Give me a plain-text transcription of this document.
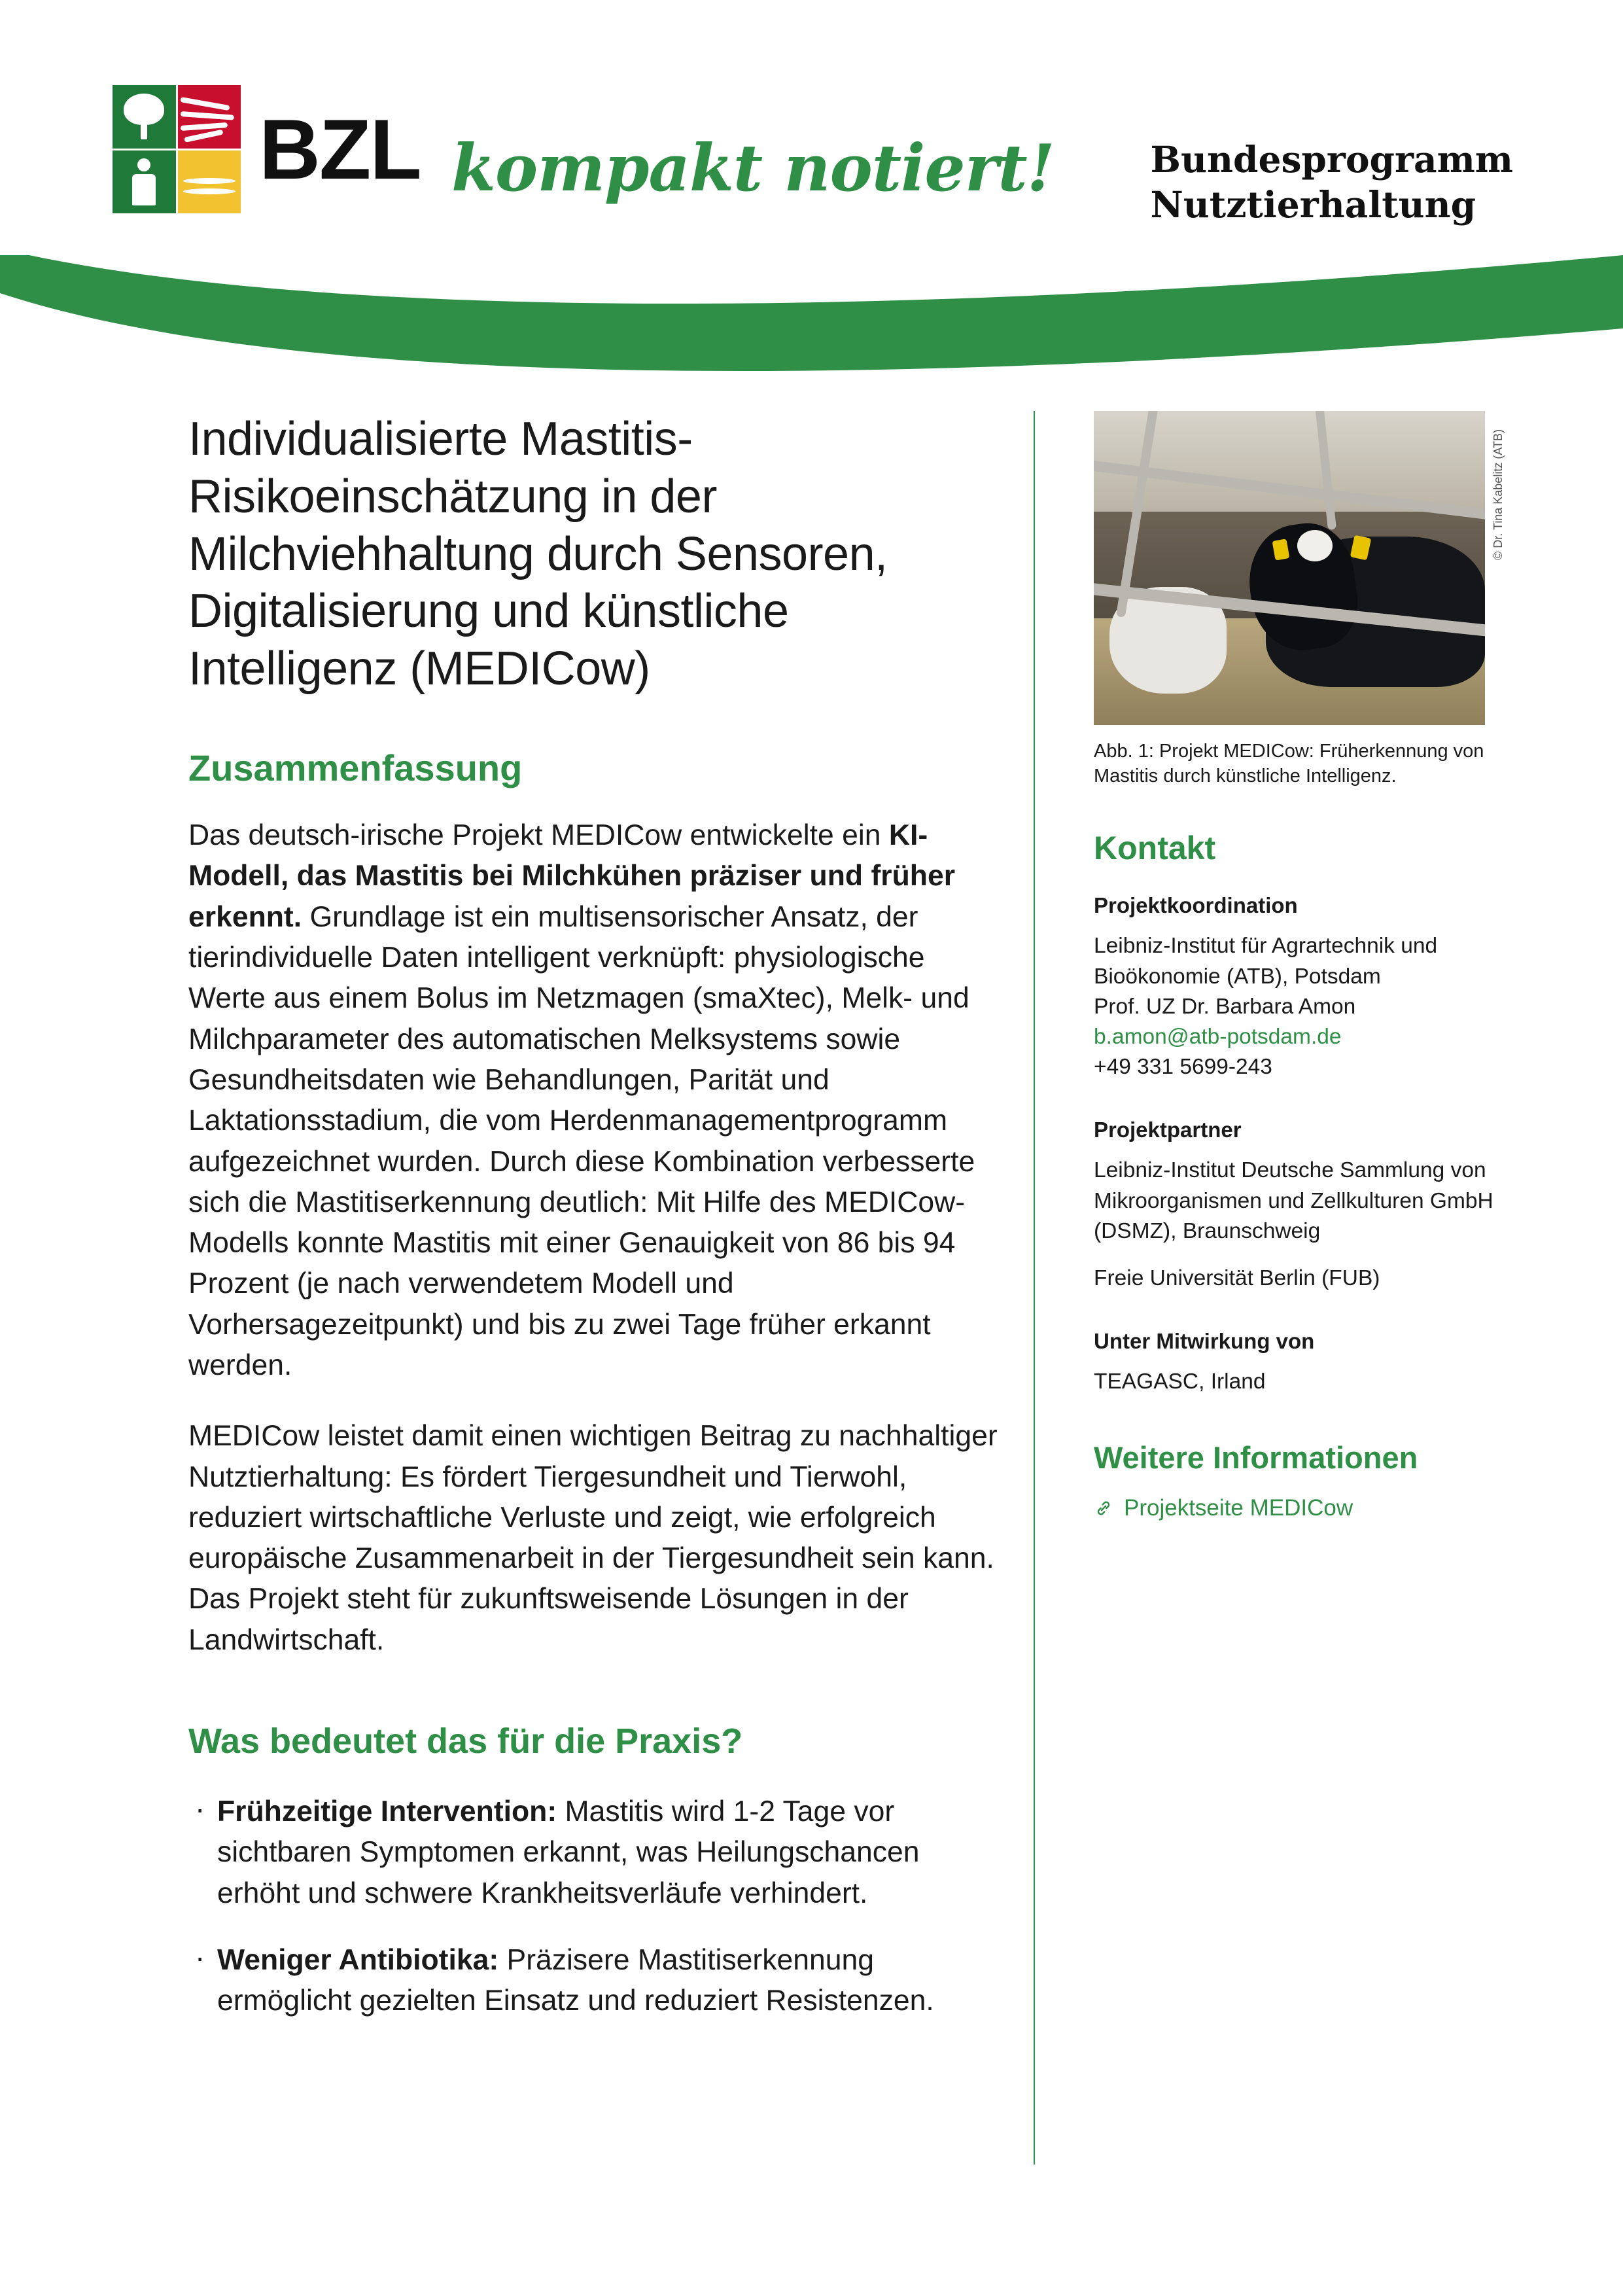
BZL kompakt notiert!	Bundesprogramm
Nutztierhaltung
Individualisierte Mastitis-Risikoeinschätzung in der Milchviehhaltung durch Sensoren, Digitalisierung und künstliche Intelligenz (MEDICow)
Zusammenfassung

Das deutsch-irische Projekt MEDICow entwickelte ein KI-Modell, das Mastitis bei Milchkühen präziser und früher erkennt. Grundlage ist ein multisensorischer Ansatz, der tierindividuelle Daten intelligent verknüpft: physiologische Werte aus einem Bolus im Netzmagen (smaXtec), Melk- und Milchparameter des automatischen Melksystems sowie Gesundheitsdaten wie Behandlungen, Parität und Laktationsstadium, die vom Herdenmanagementprogramm aufgezeichnet wurden. Durch diese Kombination verbesserte sich die Mastitiserkennung deutlich: Mit Hilfe des MEDICow-Modells konnte Mastitis mit einer Genauigkeit von 86 bis 94 Prozent (je nach verwendetem Modell und Vorhersagezeitpunkt) und bis zu zwei Tage früher erkannt werden.

MEDICow leistet damit einen wichtigen Beitrag zu nachhaltiger Nutztierhaltung: Es fördert Tiergesundheit und Tierwohl, reduziert wirtschaftliche Verluste und zeigt, wie erfolgreich europäische Zusammenarbeit in der Tiergesundheit sein kann. Das Projekt steht für zukunftsweisende Lösungen in der Landwirtschaft.

Was bedeutet das für die Praxis?
· Frühzeitige Intervention: Mastitis wird 1-2 Tage vor sichtbaren Symptomen erkannt, was Heilungschancen erhöht und schwere Krankheitsverläufe verhindert.
· Weniger Antibiotika: Präzisere Mastitiserkennung ermöglicht gezielten Einsatz und reduziert Resistenzen.
© Dr. Tina Kabelitz (ATB)
Abb. 1: Projekt MEDICow: Früherkennung von Mastitis durch künstliche Intelligenz.
Kontakt
Projektkoordination

Leibniz-Institut für Agrartechnik und

Bioökonomie (ATB), Potsdam

Prof. UZ Dr. Barbara Amon

b.amon@atb-potsdam.de

+49 331 5699-243

Projektpartner

Leibniz-Institut Deutsche Sammlung von Mikroorganismen und Zellkulturen GmbH (DSMZ), Braunschweig

Freie Universität Berlin (FUB)

Unter Mitwirkung von

TEAGASC, Irland

Weitere Informationen
Projektseite MEDICow
